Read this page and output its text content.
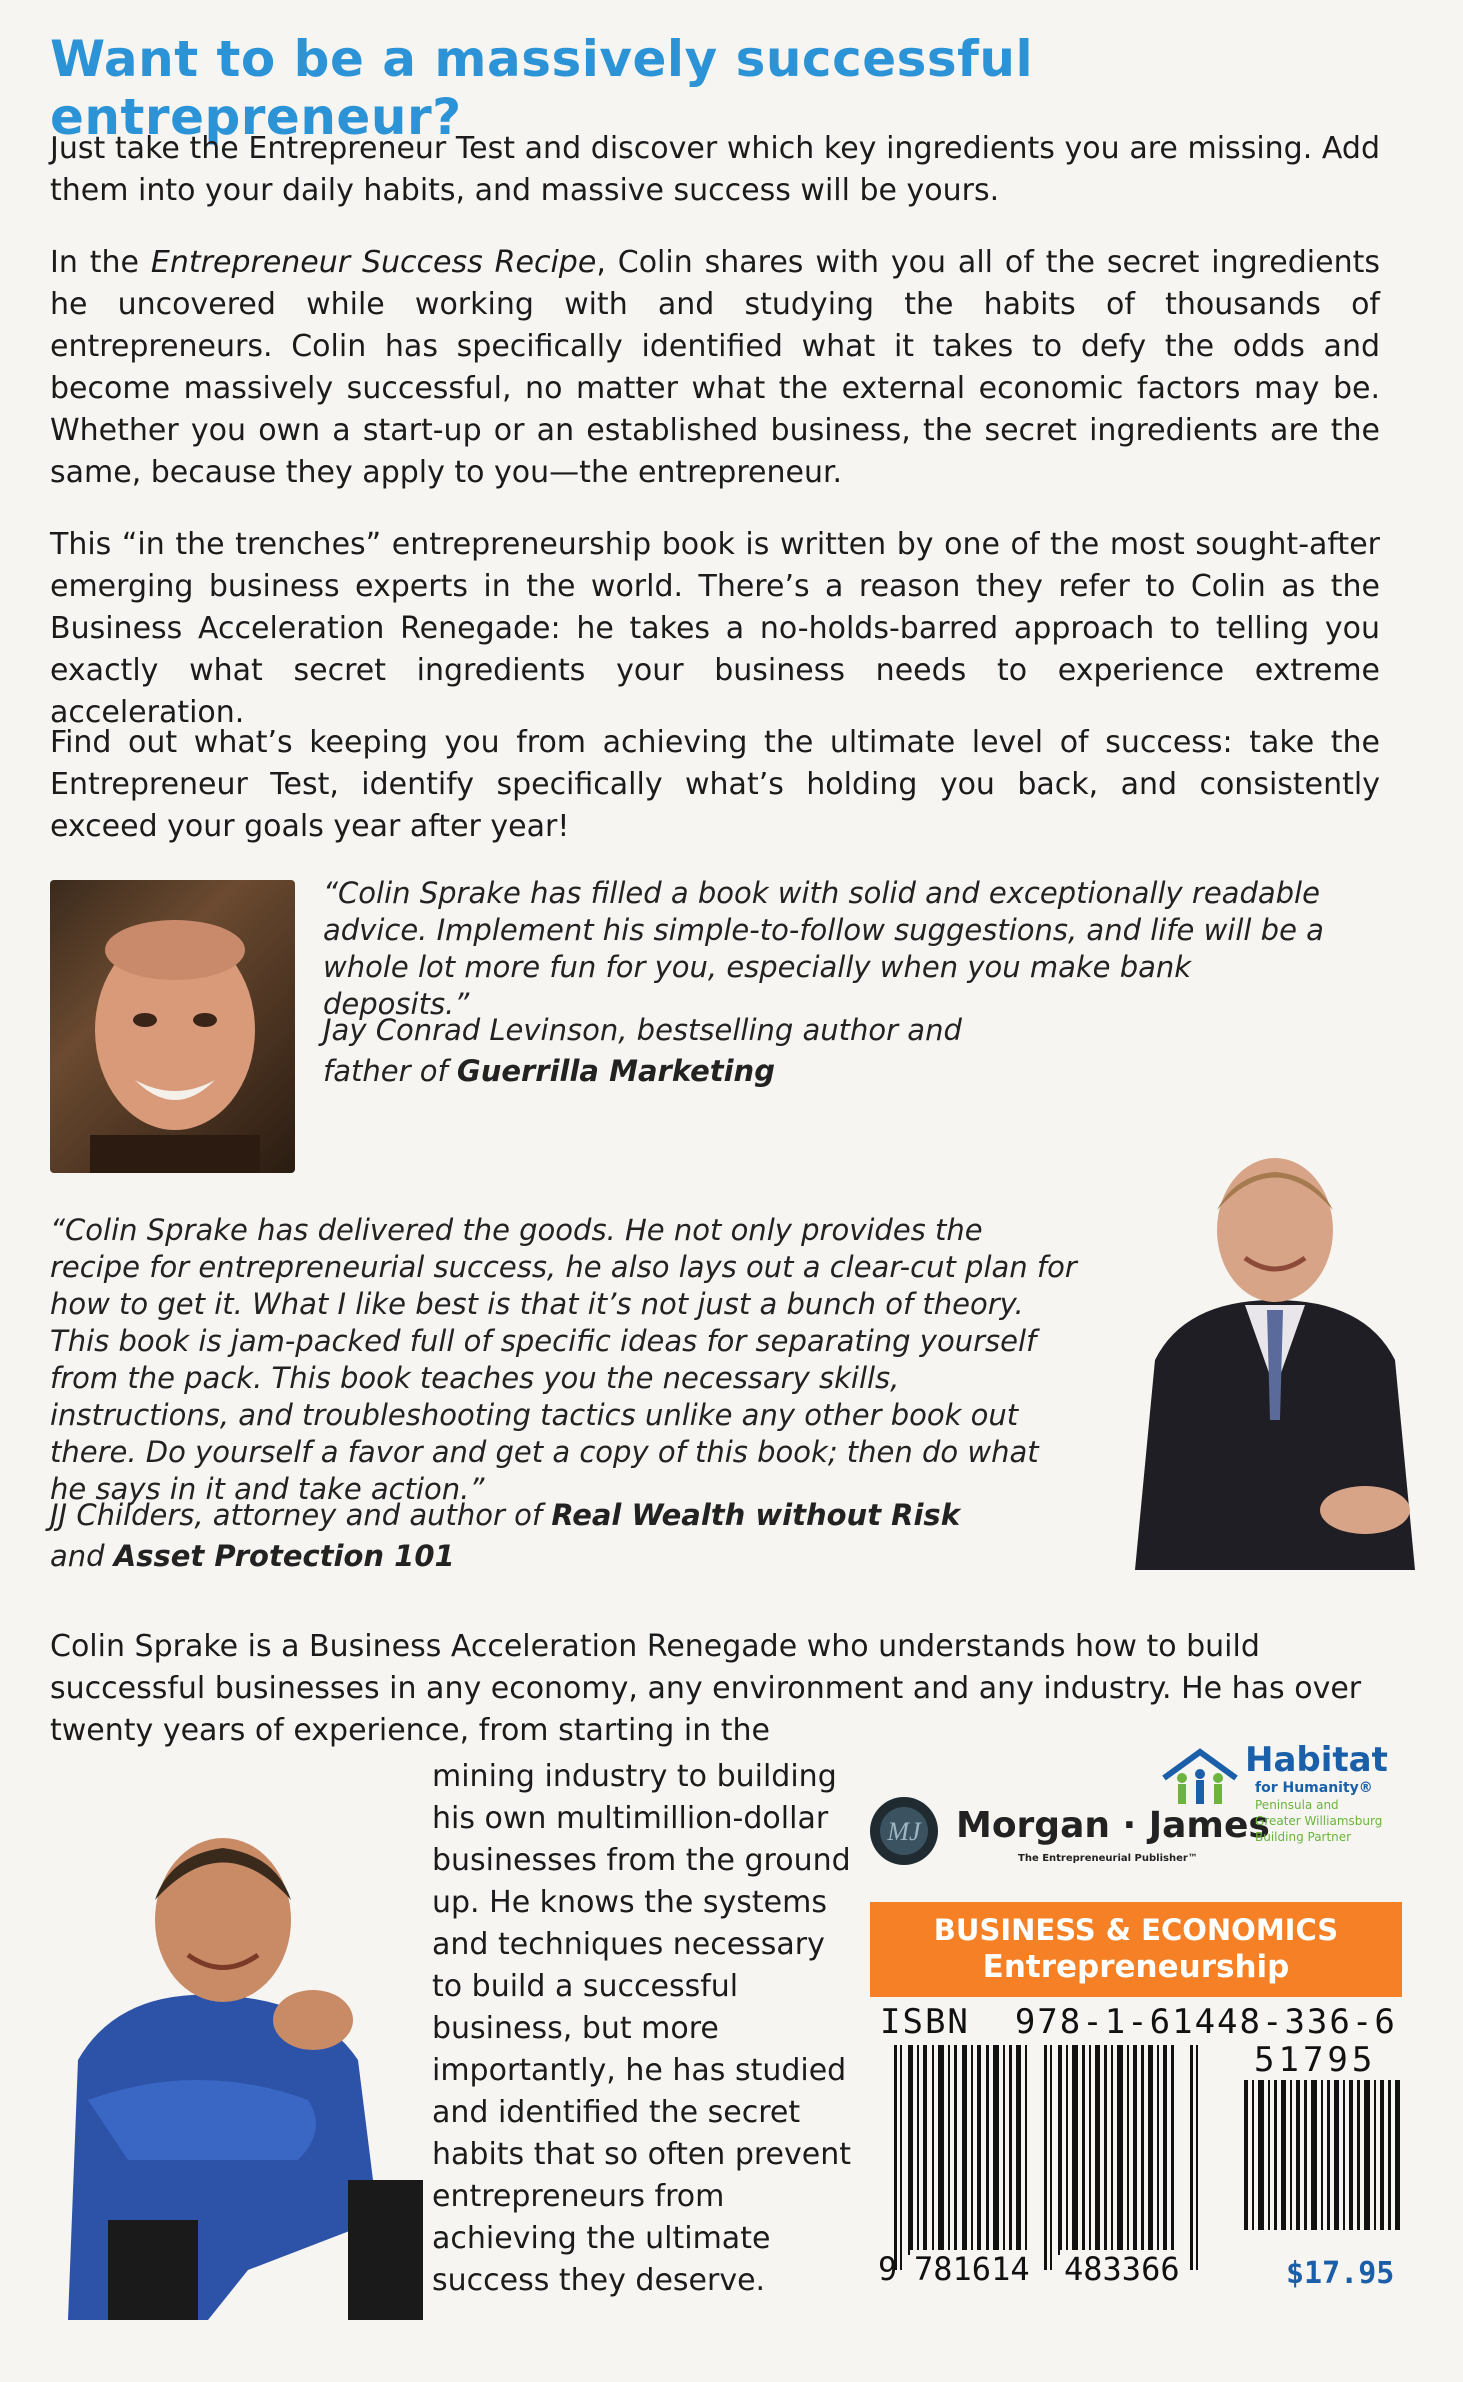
Want to be a massively successful entrepreneur?

Just take the Entrepreneur Test and discover which key ingredients you are missing. Add them into your daily habits, and massive success will be yours.

In the Entrepreneur Success Recipe, Colin shares with you all of the secret ingredients he uncovered while working with and studying the habits of thousands of entrepreneurs. Colin has specifically identified what it takes to defy the odds and become massively successful, no matter what the external economic factors may be. Whether you own a start-up or an established business, the secret ingredients are the same, because they apply to you—the entrepreneur.

This “in the trenches” entrepreneurship book is written by one of the most sought-after emerging business experts in the world. There’s a reason they refer to Colin as the Business Acceleration Renegade: he takes a no-holds-barred approach to telling you exactly what secret ingredients your business needs to experience extreme acceleration.

Find out what’s keeping you from achieving the ultimate level of success: take the Entrepreneur Test, identify specifically what’s holding you back, and consistently exceed your goals year after year!

“Colin Sprake has filled a book with solid and exceptionally readable advice. Implement his simple-to-follow suggestions, and life will be a whole lot more fun for you, especially when you make bank deposits.”
Jay Conrad Levinson, bestselling author and
father of Guerrilla Marketing
“Colin Sprake has delivered the goods. He not only provides the recipe for entrepreneurial success, he also lays out a clear-cut plan for how to get it. What I like best is that it’s not just a bunch of theory. This book is jam-packed full of specific ideas for separating yourself from the pack. This book teaches you the necessary skills, instructions, and troubleshooting tactics unlike any other book out there. Do yourself a favor and get a copy of this book; then do what he says in it and take action.”
JJ Childers, attorney and author of Real Wealth without Risk
and Asset Protection 101
Colin Sprake is a Business Acceleration Renegade who understands how to build successful businesses in any economy, any environment and any industry. He has over twenty years of experience, from starting in the
mining industry to building his own multimillion-dollar businesses from the ground up. He knows the systems and techniques necessary to build a successful business, but more importantly, he has studied and identified the secret habits that so often prevent entrepreneurs from achieving the ultimate success they deserve.
MJ Morgan · James
The Entrepreneurial Publisher™
Habitat
for Humanity®
Peninsula and
Greater Williamsburg
Building Partner
BUSINESS & ECONOMICS
Entrepreneurship
ISBN  978-1-61448-336-6
51795
9 781614 483366	$17.95
